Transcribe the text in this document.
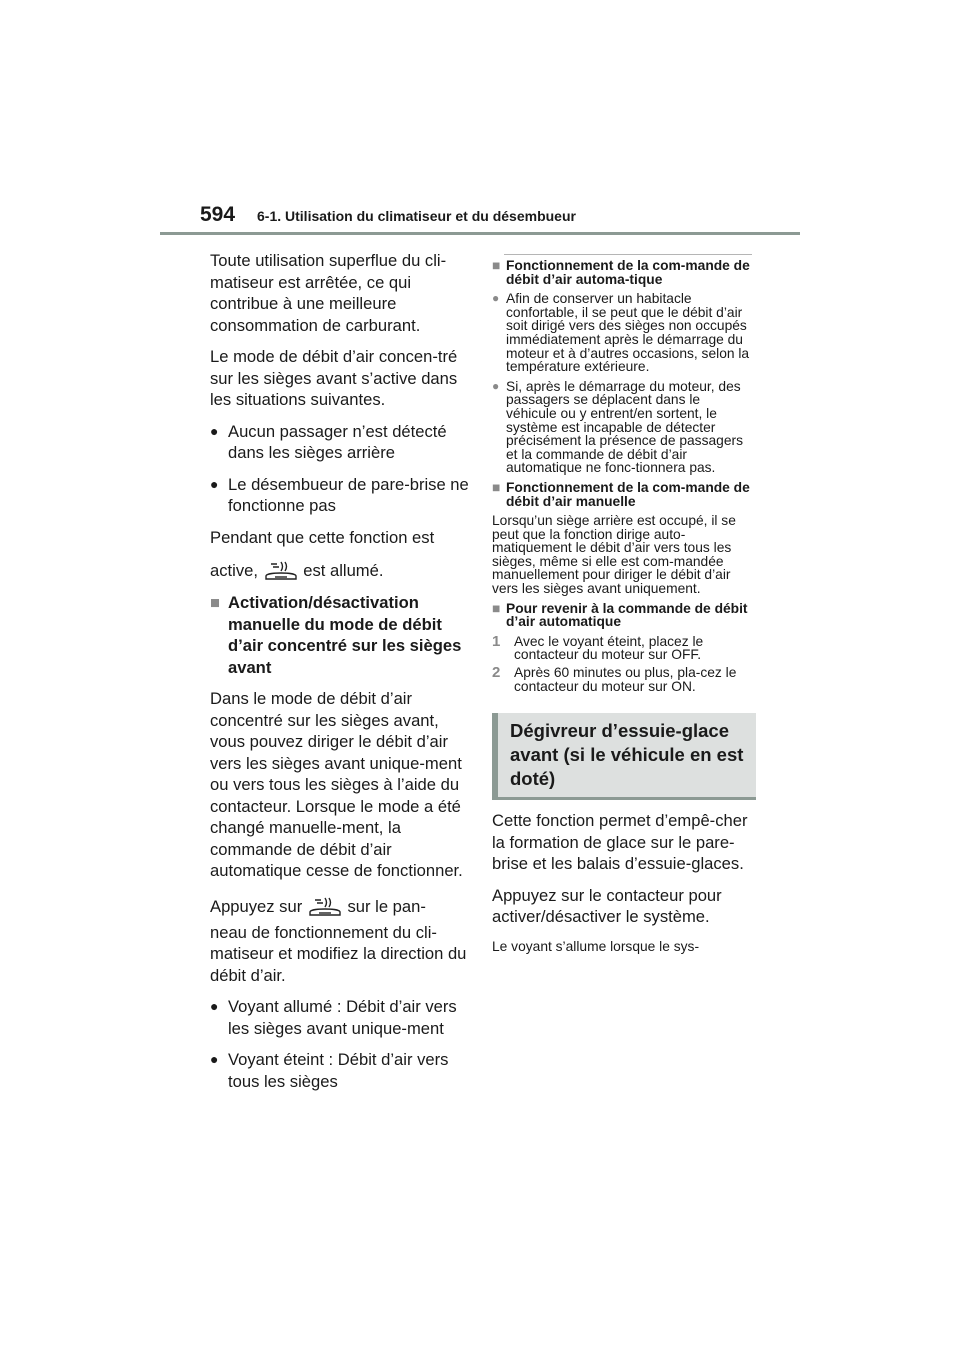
594 6-1. Utilisation du climatiseur et du désembueur

Toute utilisation superflue du cli-matiseur est arrêtée, ce qui contribue à une meilleure consommation de carburant.

Le mode de débit d’air concen-tré sur les sièges avant s’active dans les situations suivantes.

● Aucun passager n’est détecté dans les sièges arrière
● Le désembueur de pare-brise ne fonctionne pas

Pendant que cette fonction est
active,	est allumé.

■ Activation/désactivation manuelle du mode de débit d’air concentré sur les sièges avant

Dans le mode de débit d’air concentré sur les sièges avant, vous pouvez diriger le débit d’air vers les sièges avant unique-ment ou vers tous les sièges à l’aide du contacteur. Lorsque le mode a été changé manuelle-ment, la commande de débit d’air automatique cesse de fonctionner.

Appuyez sur	sur le pan-

neau de fonctionnement du cli-matiseur et modifiez la direction du débit d’air.

● Voyant allumé : Débit d’air vers les sièges avant unique-ment
● Voyant éteint : Débit d’air vers tous les sièges
■ Fonctionnement de la com-mande de débit d’air automa-tique
● Afin de conserver un habitacle confortable, il se peut que le débit d’air soit dirigé vers des sièges non occupés immédiatement après le démarrage du moteur et à d’autres occasions, selon la température extérieure.
● Si, après le démarrage du moteur, des passagers se déplacent dans le véhicule ou y entrent/en sortent, le système est incapable de détecter précisément la présence de passagers et la commande de débit d’air automatique ne fonc-tionnera pas.
■ Fonctionnement de la com-mande de débit d’air manuelle

Lorsqu’un siège arrière est occupé, il se peut que la fonction dirige auto-matiquement le débit d’air vers tous les sièges, même si elle est com-mandée manuellement pour diriger le débit d’air vers les sièges avant uniquement.

■ Pour revenir à la commande de débit d’air automatique
1 Avec le voyant éteint, placez le contacteur du moteur sur OFF.
2 Après 60 minutes ou plus, pla-cez le contacteur du moteur sur ON.
Dégivreur d’essuie-glace avant (si le véhicule en est doté)

Cette fonction permet d’empê-cher la formation de glace sur le pare-brise et les balais d’essuie-glaces.

Appuyez sur le contacteur pour activer/désactiver le système.

Le voyant s’allume lorsque le sys-
